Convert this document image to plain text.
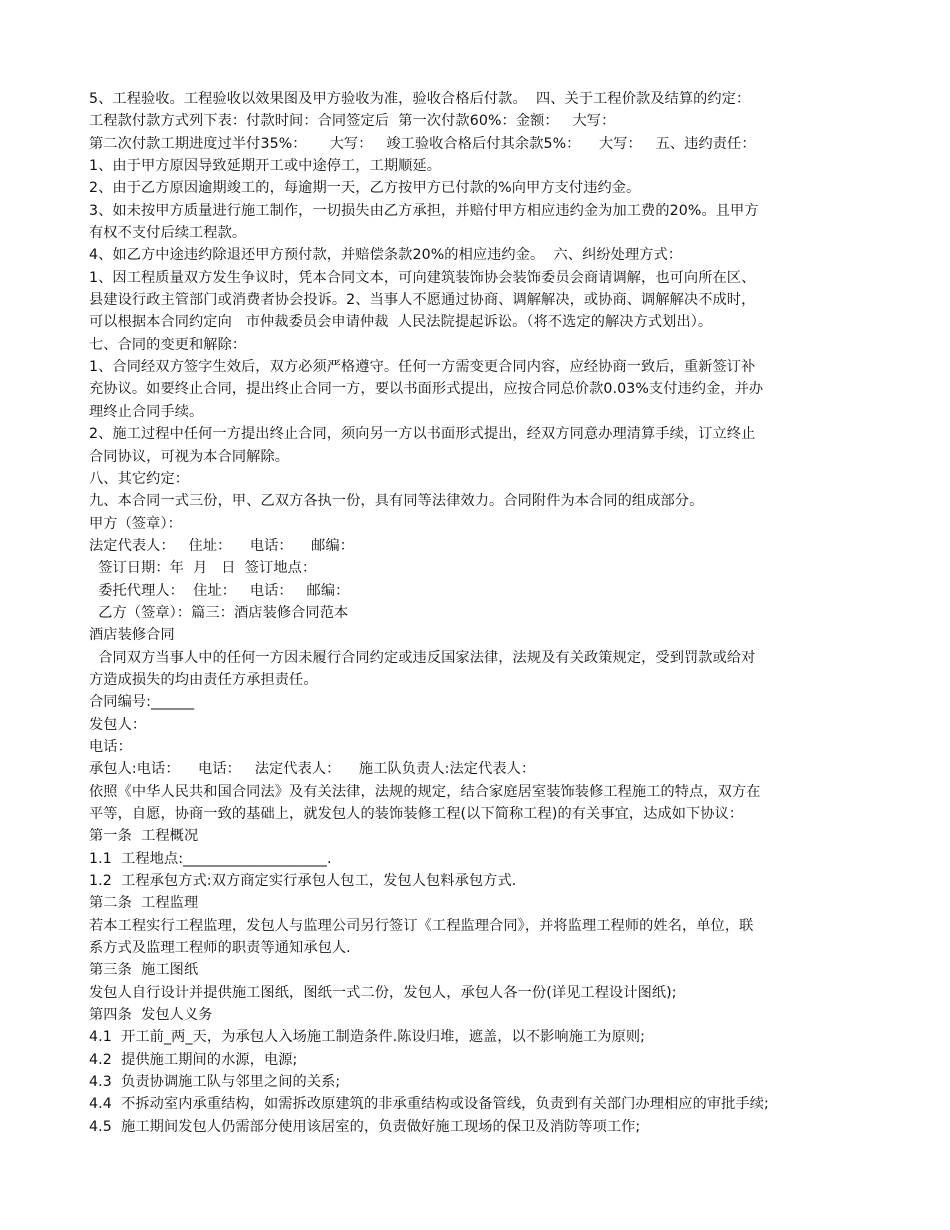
5、工程验收。工程验收以效果图及甲方验收为准，验收合格后付款。  四、关于工程价款及结算的约定：
工程款付款方式列下表：付款时间：合同签定后  第一次付款60%：金额：   大写：
第二次付款工期进度过半付35%：     大写：   竣工验收合格后付其余款5%：    大写：   五、违约责任：
1、由于甲方原因导致延期开工或中途停工，工期顺延。
2、由于乙方原因逾期竣工的，每逾期一天，乙方按甲方已付款的%向甲方支付违约金。
3、如未按甲方质量进行施工制作，一切损失由乙方承担，并赔付甲方相应违约金为加工费的20%。且甲方
有权不支付后续工程款。
4、如乙方中途违约除退还甲方预付款，并赔偿条款20%的相应违约金。  六、纠纷处理方式：
1、因工程质量双方发生争议时，凭本合同文本，可向建筑装饰协会装饰委员会商请调解，也可向所在区、
县建设行政主管部门或消费者协会投诉。2、当事人不愿通过协商、调解解决，或协商、调解解决不成时，
可以根据本合同约定向   市仲裁委员会申请仲裁  人民法院提起诉讼。（将不选定的解决方式划出）。
七、合同的变更和解除：
1、合同经双方签字生效后，双方必须严格遵守。任何一方需变更合同内容，应经协商一致后，重新签订补
充协议。如要终止合同，提出终止合同一方，要以书面形式提出，应按合同总价款0.03%支付违约金，并办
理终止合同手续。
2、施工过程中任何一方提出终止合同，须向另一方以书面形式提出，经双方同意办理清算手续，订立终止
合同协议，可视为本合同解除。
八、其它约定：
九、本合同一式三份，甲、乙双方各执一份，具有同等法律效力。合同附件为本合同的组成部分。
甲方（签章）：
法定代表人：   住址：    电话：    邮编：
签订日期：年  月   日  签订地点：
委托代理人：  住址：   电话：   邮编：
乙方（签章）：篇三：酒店装修合同范本
酒店装修合同
合同双方当事人中的任何一方因未履行合同约定或违反国家法律，法规及有关政策规定，受到罚款或给对
方造成损失的均由责任方承担责任。
合同编号:______
发包人：
电话：
承包人:电话：    电话：   法定代表人：    施工队负责人:法定代表人：
依照《中华人民共和国合同法》及有关法律，法规的规定，结合家庭居室装饰装修工程施工的特点，双方在
平等，自愿，协商一致的基础上，就发包人的装饰装修工程(以下简称工程)的有关事宜，达成如下协议：
第一条  工程概况
1.1  工程地点:____________________.
1.2  工程承包方式:双方商定实行承包人包工，发包人包料承包方式.
第二条  工程监理
若本工程实行工程监理，发包人与监理公司另行签订《工程监理合同》，并将监理工程师的姓名，单位，联
系方式及监理工程师的职责等通知承包人.
第三条  施工图纸
发包人自行设计并提供施工图纸，图纸一式二份，发包人，承包人各一份(详见工程设计图纸);
第四条  发包人义务
4.1  开工前_两_天，为承包人入场施工制造条件.陈设归堆，遮盖，以不影响施工为原则;
4.2  提供施工期间的水源，电源;
4.3  负责协调施工队与邻里之间的关系;
4.4  不拆动室内承重结构，如需拆改原建筑的非承重结构或设备管线，负责到有关部门办理相应的审批手续;
4.5  施工期间发包人仍需部分使用该居室的，负责做好施工现场的保卫及消防等项工作;
